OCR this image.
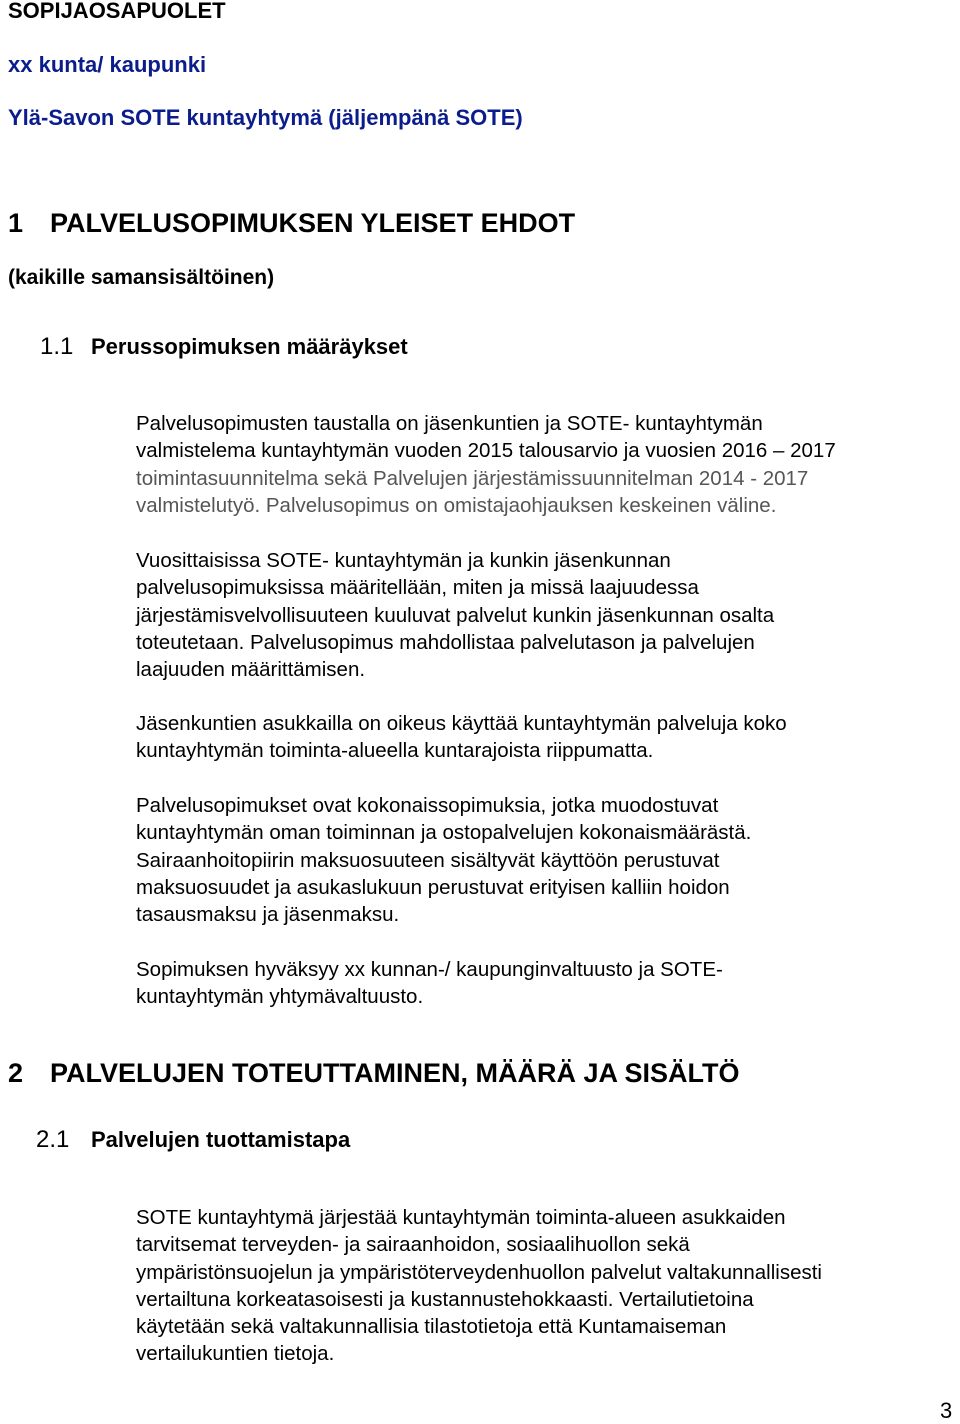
SOPIJAOSAPUOLET
xx kunta/ kaupunki
Ylä-Savon SOTE kuntayhtymä (jäljempänä SOTE)
1 PALVELUSOPIMUKSEN YLEISET EHDOT
(kaikille samansisältöinen)
1.1 Perussopimuksen määräykset
Palvelusopimusten taustalla on jäsenkuntien ja SOTE- kuntayhtymän
valmistelema kuntayhtymän vuoden 2015 talousarvio ja vuosien 2016 – 2017
toimintasuunnitelma sekä Palvelujen järjestämissuunnitelman 2014 - 2017
valmistelutyö. Palvelusopimus on omistajaohjauksen keskeinen väline.
Vuosittaisissa SOTE- kuntayhtymän ja kunkin jäsenkunnan
palvelusopimuksissa määritellään, miten ja missä laajuudessa
järjestämisvelvollisuuteen kuuluvat palvelut kunkin jäsenkunnan osalta
toteutetaan. Palvelusopimus mahdollistaa palvelutason ja palvelujen
laajuuden määrittämisen.
Jäsenkuntien asukkailla on oikeus käyttää kuntayhtymän palveluja koko
kuntayhtymän toiminta-alueella kuntarajoista riippumatta.
Palvelusopimukset ovat kokonaissopimuksia, jotka muodostuvat
kuntayhtymän oman toiminnan ja ostopalvelujen kokonaismäärästä.
Sairaanhoitopiirin maksuosuuteen sisältyvät käyttöön perustuvat
maksuosuudet ja asukaslukuun perustuvat erityisen kalliin hoidon
tasausmaksu ja jäsenmaksu.
Sopimuksen hyväksyy xx kunnan-/ kaupunginvaltuusto ja SOTE-
kuntayhtymän yhtymävaltuusto.
2 PALVELUJEN TOTEUTTAMINEN, MÄÄRÄ JA SISÄLTÖ
2.1 Palvelujen tuottamistapa
SOTE kuntayhtymä järjestää kuntayhtymän toiminta-alueen asukkaiden
tarvitsemat terveyden- ja sairaanhoidon, sosiaalihuollon sekä
ympäristönsuojelun ja ympäristöterveydenhuollon palvelut valtakunnallisesti
vertailtuna korkeatasoisesti ja kustannustehokkaasti. Vertailutietoina
käytetään sekä valtakunnallisia tilastotietoja että Kuntamaiseman
vertailukuntien tietoja.
3
